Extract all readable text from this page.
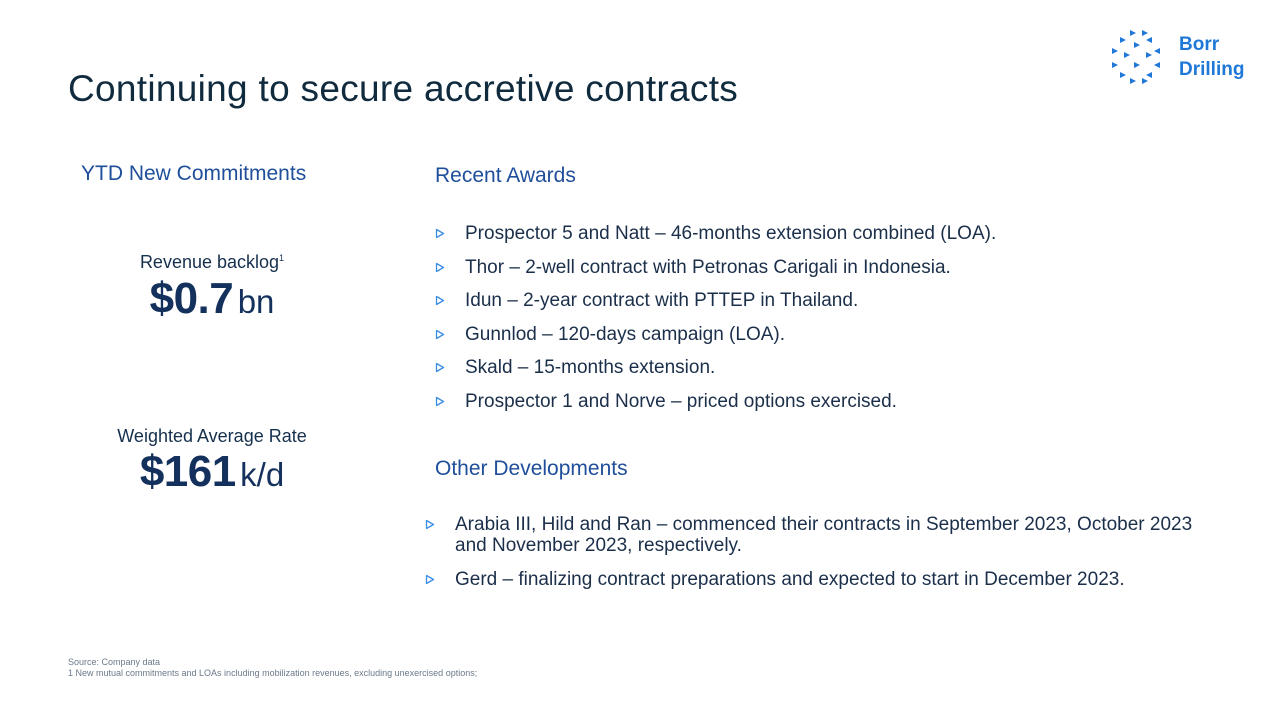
Continuing to secure accretive contracts
Borr
Drilling
YTD New Commitments
Revenue backlog$^1$
$0.7 bn
Weighted Average Rate
$161 k/d
Recent Awards
Prospector 5 and Natt – 46-months extension combined (LOA).
Thor – 2-well contract with Petronas Carigali in Indonesia.
Idun – 2-year contract with PTTEP in Thailand.
Gunnlod – 120-days campaign (LOA).
Skald – 15-months extension.
Prospector 1 and Norve – priced options exercised.
Other Developments
Arabia III, Hild and Ran – commenced their contracts in September 2023, October 2023 and November 2023, respectively.
Gerd – finalizing contract preparations and expected to start in December 2023.
Source: Company data
1 New mutual commitments and LOAs including mobilization revenues, excluding unexercised options;
